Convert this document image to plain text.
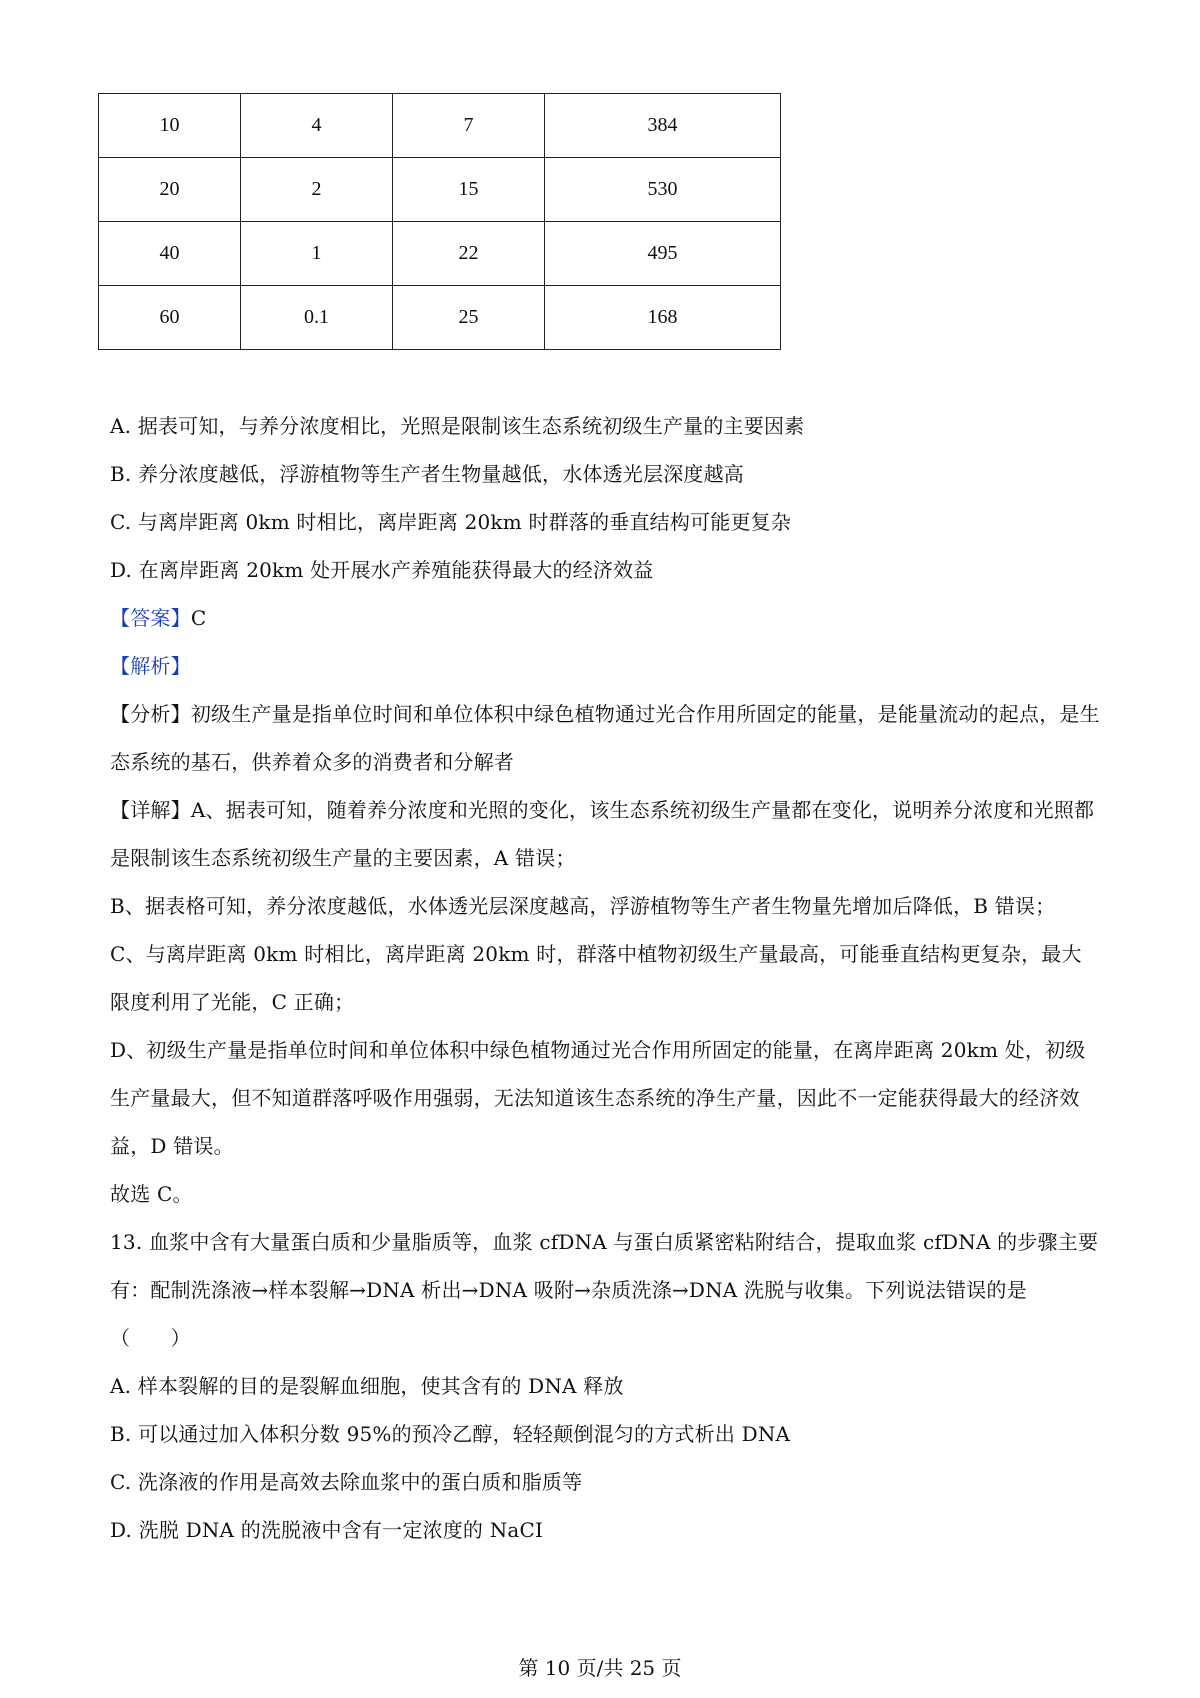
10	4	7	384
20	2	15	530
40	1	22	495
60	0.1	25	168
A. 据表可知，与养分浓度相比，光照是限制该生态系统初级生产量的主要因素
B. 养分浓度越低，浮游植物等生产者生物量越低，水体透光层深度越高
C. 与离岸距离 0km 时相比，离岸距离 20km 时群落的垂直结构可能更复杂
D. 在离岸距离 20km 处开展水产养殖能获得最大的经济效益
【答案】C
【解析】
【分析】初级生产量是指单位时间和单位体积中绿色植物通过光合作用所固定的能量，是能量流动的起点，是生态系统的基石，供养着众多的消费者和分解者
【详解】A、据表可知，随着养分浓度和光照的变化，该生态系统初级生产量都在变化，说明养分浓度和光照都是限制该生态系统初级生产量的主要因素，A 错误；
B、据表格可知，养分浓度越低，水体透光层深度越高，浮游植物等生产者生物量先增加后降低，B 错误；
C、与离岸距离 0km 时相比，离岸距离 20km 时，群落中植物初级生产量最高，可能垂直结构更复杂，最大限度利用了光能，C 正确；
D、初级生产量是指单位时间和单位体积中绿色植物通过光合作用所固定的能量，在离岸距离 20km 处，初级生产量最大，但不知道群落呼吸作用强弱，无法知道该生态系统的净生产量，因此不一定能获得最大的经济效益，D 错误。
故选 C。
13. 血浆中含有大量蛋白质和少量脂质等，血浆 cfDNA 与蛋白质紧密粘附结合，提取血浆 cfDNA 的步骤主要有：配制洗涤液→样本裂解→DNA 析出→DNA 吸附→杂质洗涤→DNA 洗脱与收集。下列说法错误的是
（　　）
A. 样本裂解的目的是裂解血细胞，使其含有的 DNA 释放
B. 可以通过加入体积分数 95%的预冷乙醇，轻轻颠倒混匀的方式析出 DNA
C. 洗涤液的作用是高效去除血浆中的蛋白质和脂质等
D. 洗脱 DNA 的洗脱液中含有一定浓度的 NaCI
第 10 页/共 25 页
